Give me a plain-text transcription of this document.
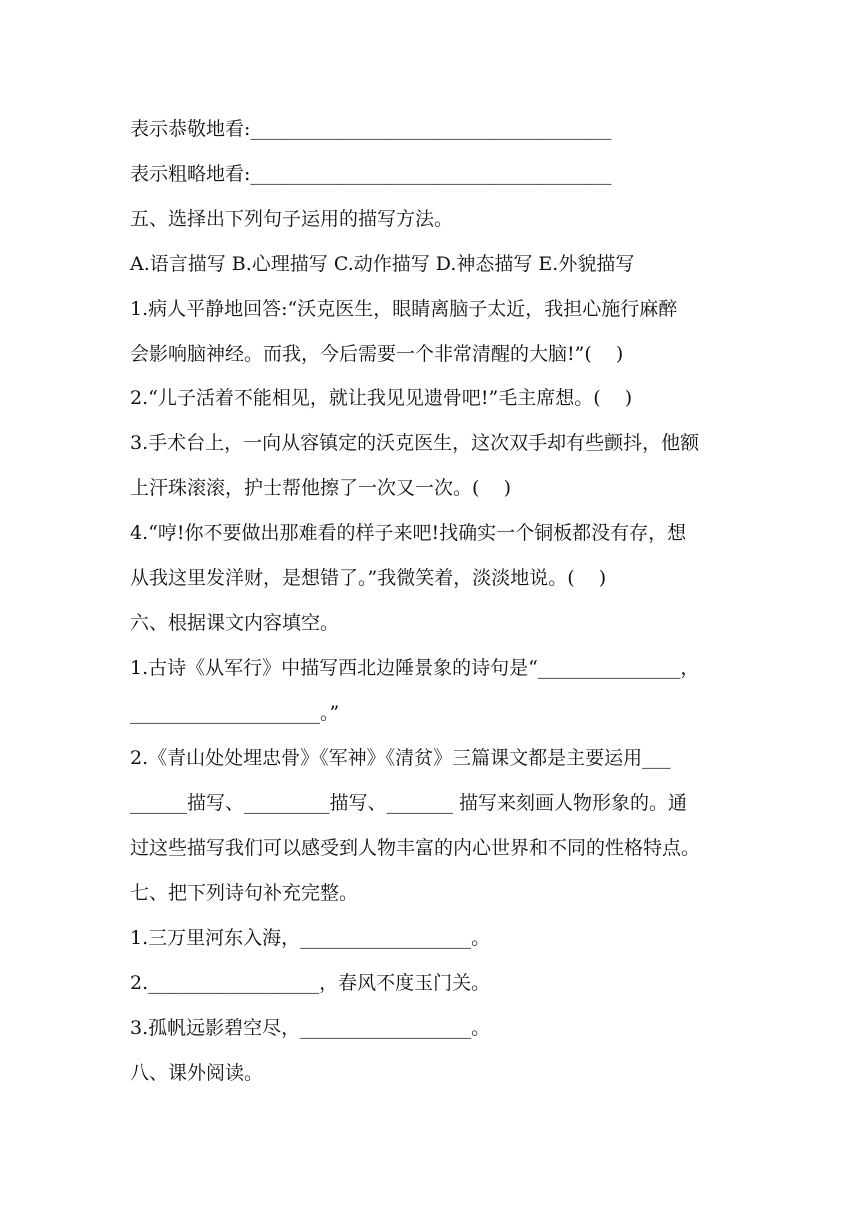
表示恭敬地看:______________________________________
表示粗略地看:______________________________________
五、选择出下列句子运用的描写方法。
A.语言描写 B.心理描写 C.动作描写 D.神态描写 E.外貌描写
1.病人平静地回答:“沃克医生，眼睛离脑子太近，我担心施行麻醉
会影响脑神经。而我，今后需要一个非常清醒的大脑!”(    )
2.“儿子活着不能相见，就让我见见遗骨吧!”毛主席想。(    )
3.手术台上，一向从容镇定的沃克医生，这次双手却有些颤抖，他额
上汗珠滚滚，护士帮他擦了一次又一次。(    )
4.“哼!你不要做出那难看的样子来吧!找确实一个铜板都没有存，想
从我这里发洋财，是想错了。”我微笑着，淡淡地说。(    )
六、根据课文内容填空。
1.古诗《从军行》中描写西北边陲景象的诗句是“_______________，
____________________。”
2.《青山处处埋忠骨》《军神》《清贫》三篇课文都是主要运用___
______描写、_________描写、_______ 描写来刻画人物形象的。通
过这些描写我们可以感受到人物丰富的内心世界和不同的性格特点。
七、把下列诗句补充完整。
1.三万里河东入海，__________________。
2.__________________，春风不度玉门关。
3.孤帆远影碧空尽，__________________。
八、课外阅读。
